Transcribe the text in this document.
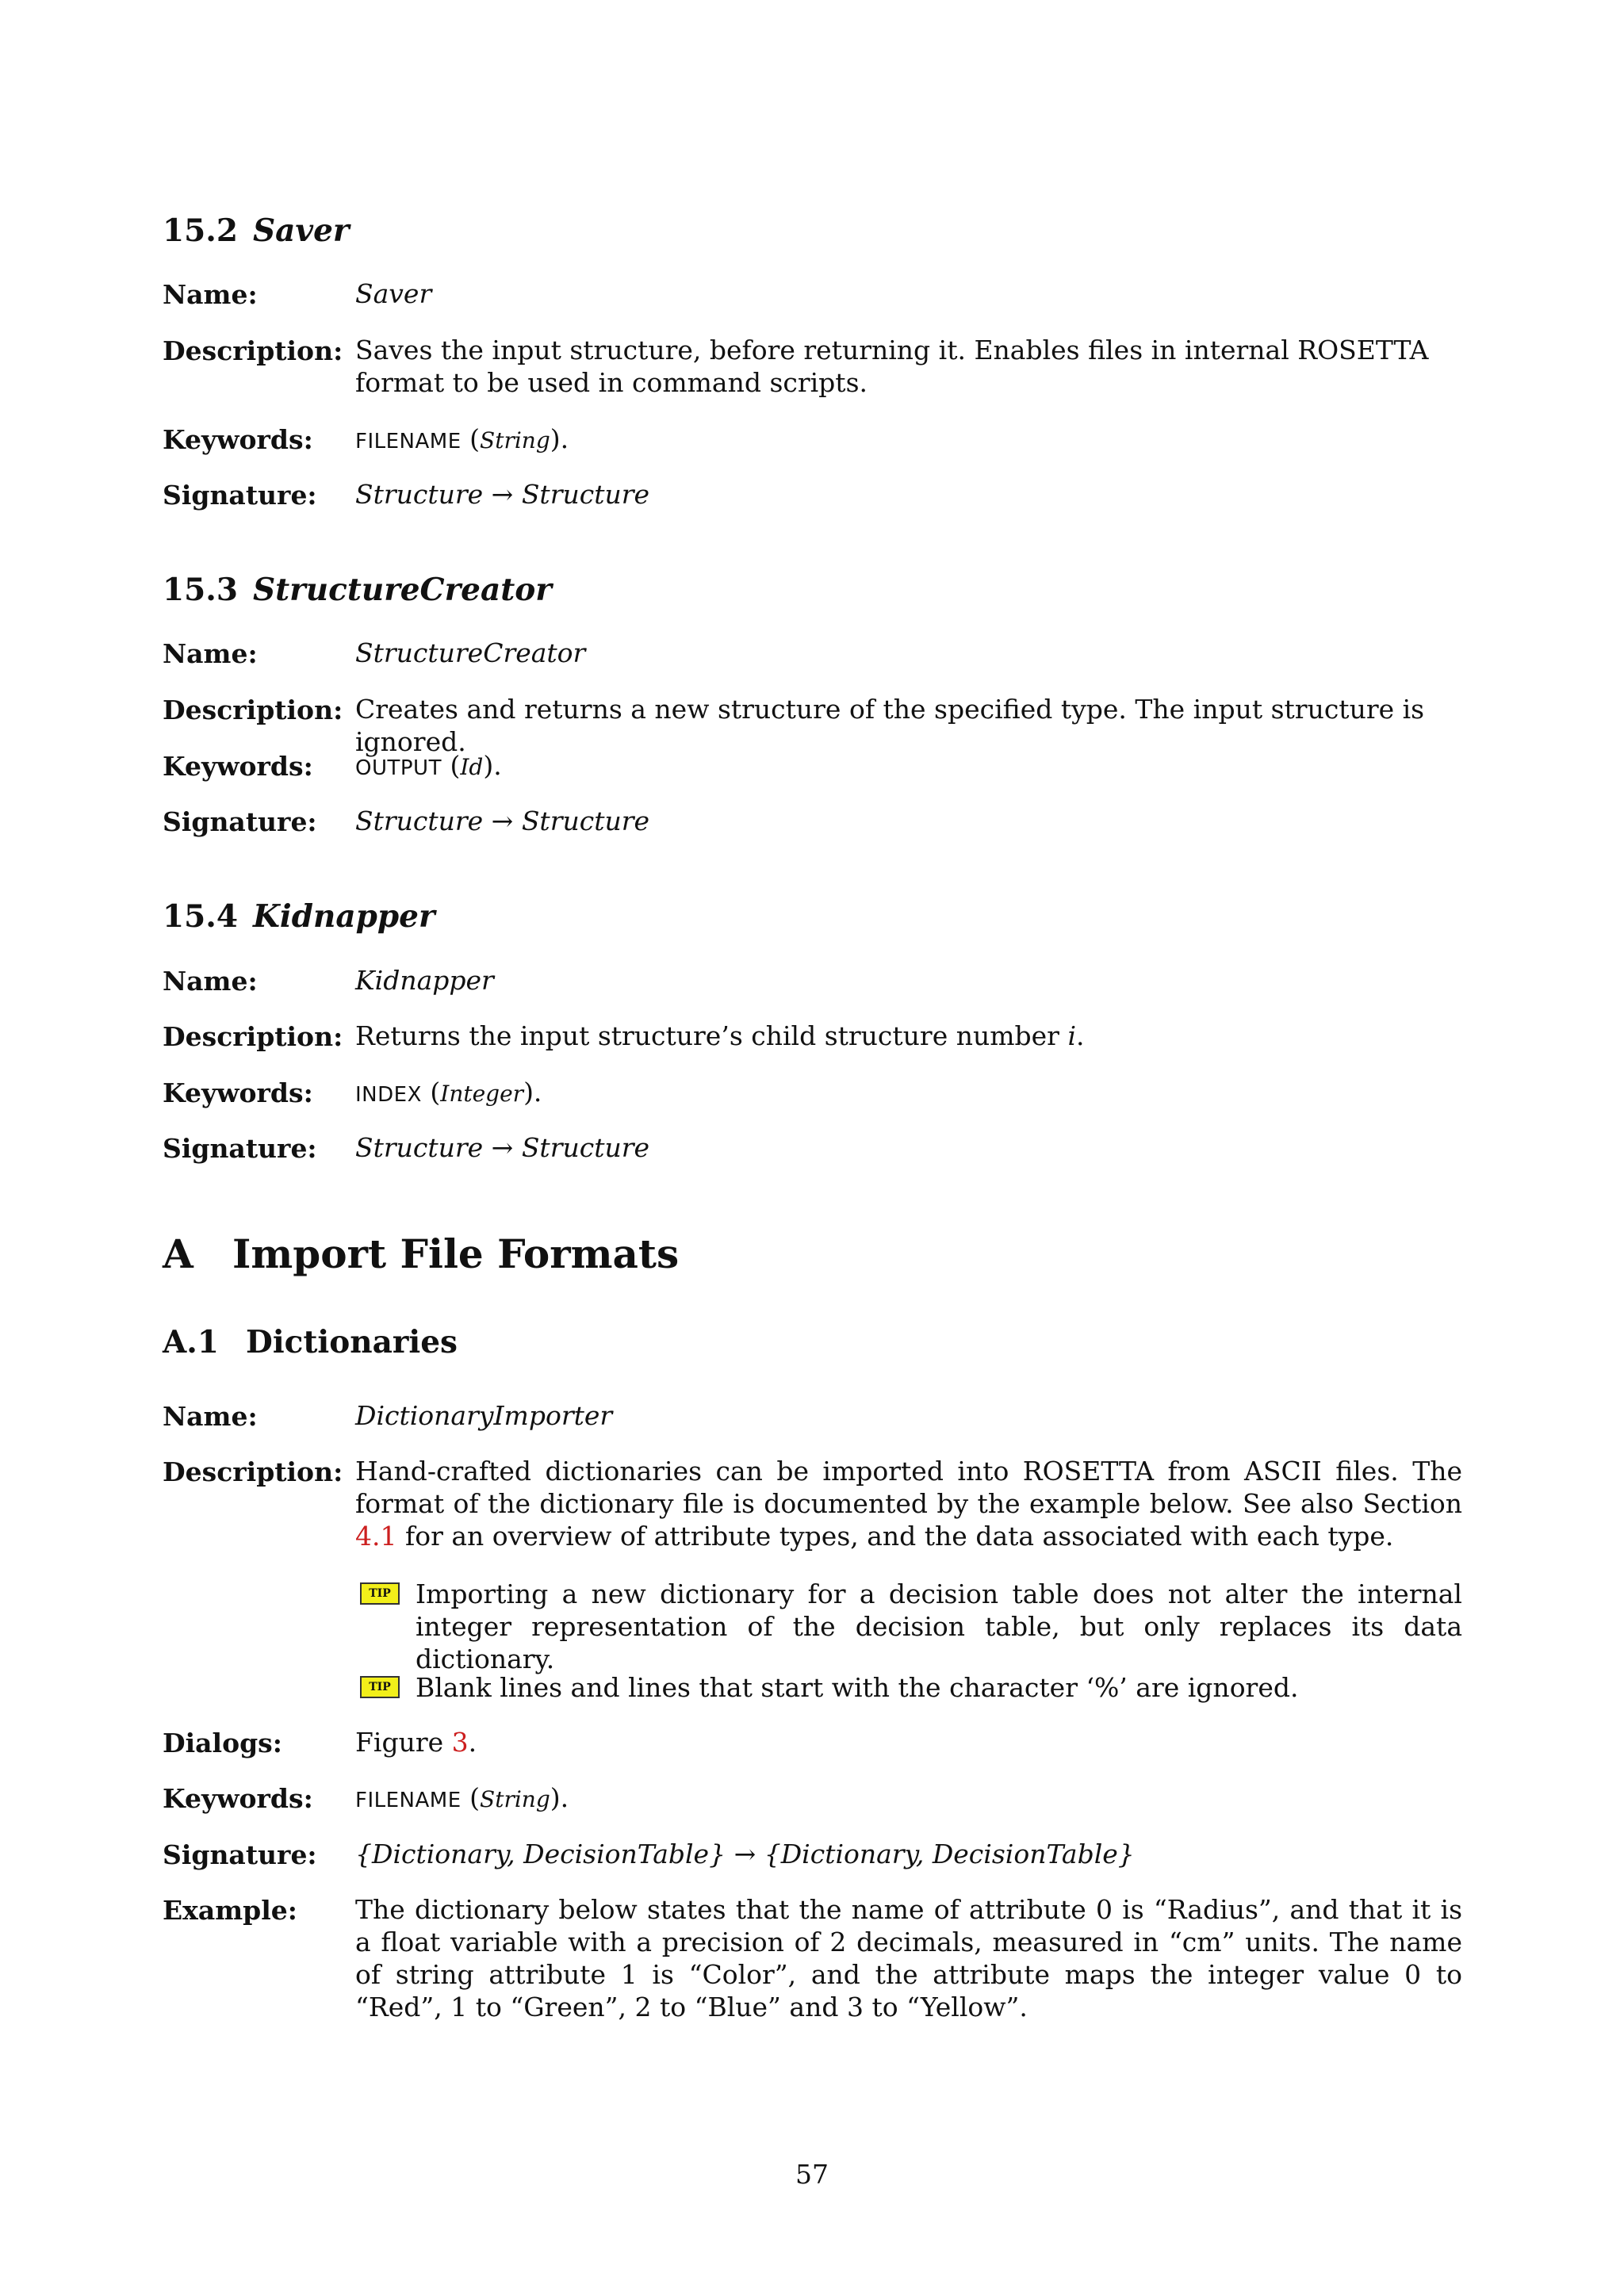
15.2 Saver
Name:	Saver
Description: Saves the input structure, before returning it. Enables files in internal ROSETTA format to be used in command scripts.
Keywords: FILENAME (String).
Signature: Structure → Structure
15.3 StructureCreator
Name:	StructureCreator
Description: Creates and returns a new structure of the specified type. The input structure is ignored.
Keywords: OUTPUT (Id).
Signature: Structure → Structure
15.4 Kidnapper
Name:	Kidnapper
Description: Returns the input structure’s child structure number i.
Keywords: INDEX (Integer).
Signature: Structure → Structure
A Import File Formats
A.1 Dictionaries
Name:	DictionaryImporter
Description: Hand-crafted dictionaries can be imported into ROSETTA from ASCII files. The format of the dictionary file is documented by the example below. See also Section 4.1 for an overview of attribute types, and the data associated with each type.
TIP Importing a new dictionary for a decision table does not alter the internal integer representation of the decision table, but only replaces its data dictionary.
TIP Blank lines and lines that start with the character ‘%’ are ignored.
Dialogs:	Figure 3.
Keywords: FILENAME (String).
Signature: {Dictionary, DecisionTable} → {Dictionary, DecisionTable}
Example: The dictionary below states that the name of attribute 0 is “Radius”, and that it is a float variable with a precision of 2 decimals, measured in “cm” units. The name of string attribute 1 is “Color”, and the attribute maps the integer value 0 to “Red”, 1 to “Green”, 2 to “Blue” and 3 to “Yellow”.
57
